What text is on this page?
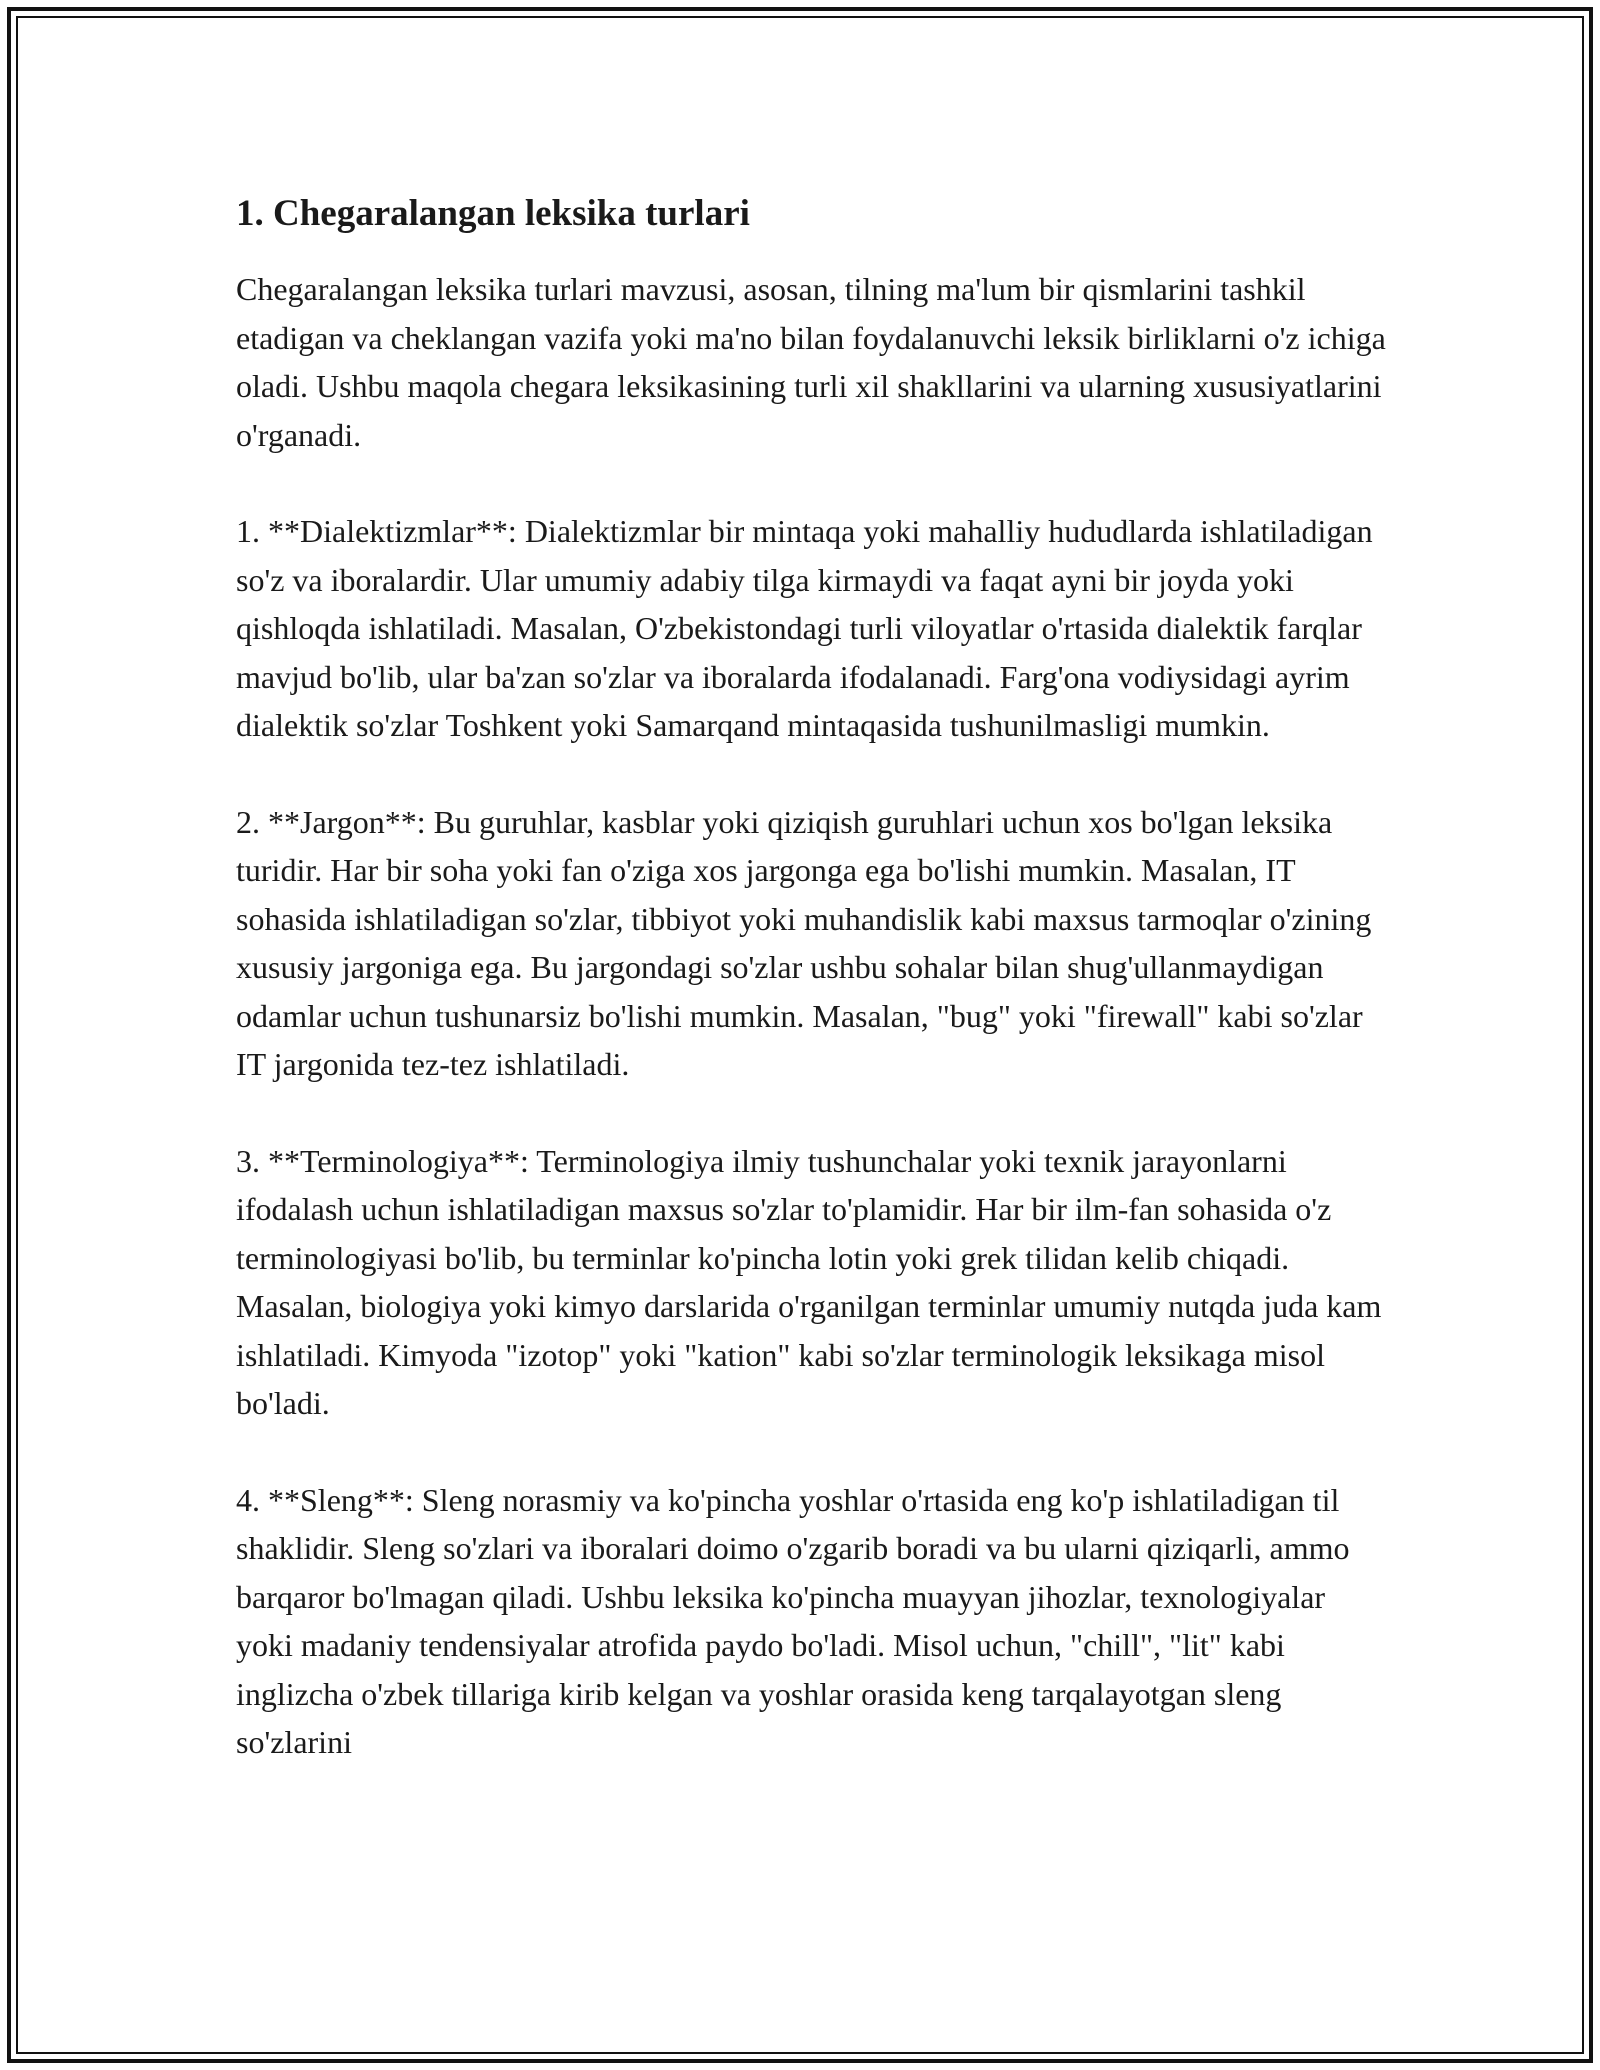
1. Chegaralangan leksika turlari

Chegaralangan leksika turlari mavzusi, asosan, tilning ma'lum bir qismlarini tashkil etadigan va cheklangan vazifa yoki ma'no bilan foydalanuvchi leksik birliklarni o'z ichiga oladi. Ushbu maqola chegara leksikasining turli xil shakllarini va ularning xususiyatlarini o'rganadi.

1. **Dialektizmlar**: Dialektizmlar bir mintaqa yoki mahalliy hududlarda ishlatiladigan so'z va iboralardir. Ular umumiy adabiy tilga kirmaydi va faqat ayni bir joyda yoki qishloqda ishlatiladi. Masalan, O'zbekistondagi turli viloyatlar o'rtasida dialektik farqlar mavjud bo'lib, ular ba'zan so'zlar va iboralarda ifodalanadi. Farg'ona vodiysidagi ayrim dialektik so'zlar Toshkent yoki Samarqand mintaqasida tushunilmasligi mumkin.

2. **Jargon**: Bu guruhlar, kasblar yoki qiziqish guruhlari uchun xos bo'lgan leksika turidir. Har bir soha yoki fan o'ziga xos jargonga ega bo'lishi mumkin. Masalan, IT sohasida ishlatiladigan so'zlar, tibbiyot yoki muhandislik kabi maxsus tarmoqlar o'zining xususiy jargoniga ega. Bu jargondagi so'zlar ushbu sohalar bilan shug'ullanmaydigan odamlar uchun tushunarsiz bo'lishi mumkin. Masalan, "bug" yoki "firewall" kabi so'zlar IT jargonida tez-tez ishlatiladi.

3. **Terminologiya**: Terminologiya ilmiy tushunchalar yoki texnik jarayonlarni ifodalash uchun ishlatiladigan maxsus so'zlar to'plamidir. Har bir ilm-fan sohasida o'z terminologiyasi bo'lib, bu terminlar ko'pincha lotin yoki grek tilidan kelib chiqadi. Masalan, biologiya yoki kimyo darslarida o'rganilgan terminlar umumiy nutqda juda kam ishlatiladi. Kimyoda "izotop" yoki "kation" kabi so'zlar terminologik leksikaga misol bo'ladi.

4. **Sleng**: Sleng norasmiy va ko'pincha yoshlar o'rtasida eng ko'p ishlatiladigan til shaklidir. Sleng so'zlari va iboralari doimo o'zgarib boradi va bu ularni qiziqarli, ammo barqaror bo'lmagan qiladi. Ushbu leksika ko'pincha muayyan jihozlar, texnologiyalar yoki madaniy tendensiyalar atrofida paydo bo'ladi. Misol uchun, "chill", "lit" kabi inglizcha o'zbek tillariga kirib kelgan va yoshlar orasida keng tarqalayotgan sleng so'zlarini
